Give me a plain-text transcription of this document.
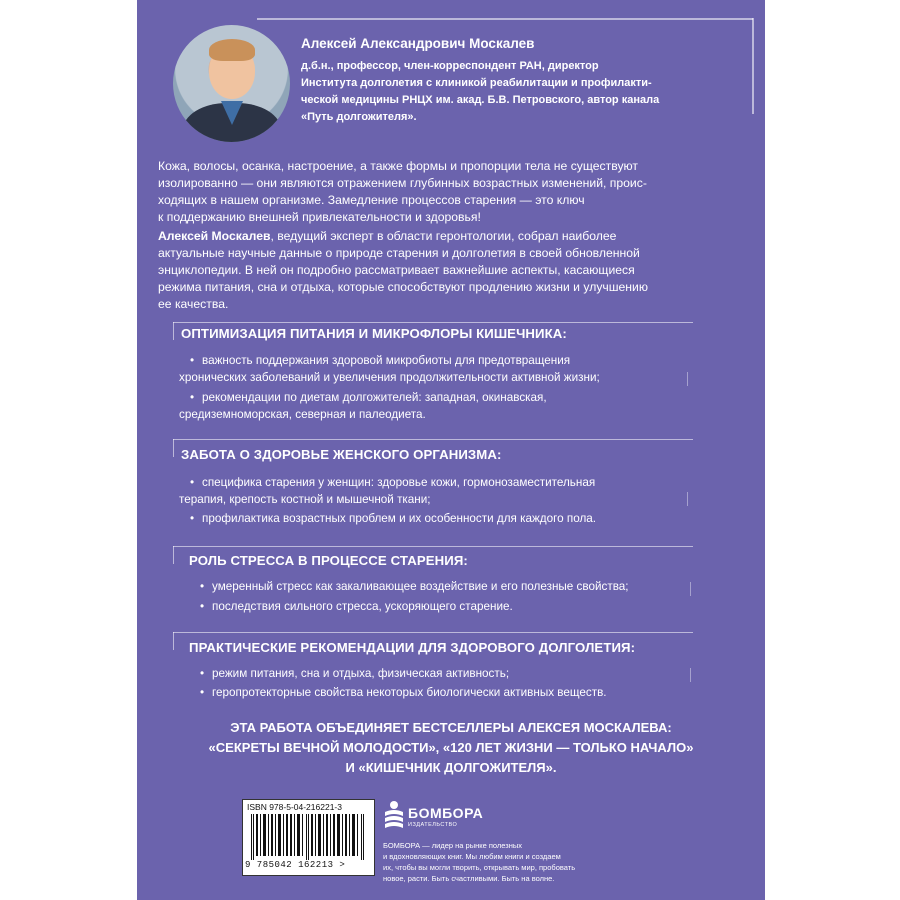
Алексей Александрович Москалев
д.б.н., профессор, член-корреспондент РАН, директор
Института долголетия с клиникой реабилитации и профилакти-
ческой медицины РНЦХ им. акад. Б.В. Петровского, автор канала
«Путь долгожителя».
Кожа, волосы, осанка, настроение, а также формы и пропорции тела не существуют
изолированно — они являются отражением глубинных возрастных изменений, проис-
ходящих в нашем организме. Замедление процессов старения — это ключ
к поддержанию внешней привлекательности и здоровья!
Алексей Москалев, ведущий эксперт в области геронтологии, собрал наиболее
актуальные научные данные о природе старения и долголетия в своей обновленной
энциклопедии. В ней он подробно рассматривает важнейшие аспекты, касающиеся
режима питания, сна и отдыха, которые способствуют продлению жизни и улучшению
ее качества.
ОПТИМИЗАЦИЯ ПИТАНИЯ И МИКРОФЛОРЫ КИШЕЧНИКА:
• важность поддержания здоровой микробиоты для предотвращения
хронических заболеваний и увеличения продолжительности активной жизни;
• рекомендации по диетам долгожителей: западная, окинавская,
средиземноморская, северная и палеодиета.
ЗАБОТА О ЗДОРОВЬЕ ЖЕНСКОГО ОРГАНИЗМА:
• специфика старения у женщин: здоровье кожи, гормонозаместительная
терапия, крепость костной и мышечной ткани;
• профилактика возрастных проблем и их особенности для каждого пола.
РОЛЬ СТРЕССА В ПРОЦЕССЕ СТАРЕНИЯ:
• умеренный стресс как закаливающее воздействие и его полезные свойства;
• последствия сильного стресса, ускоряющего старение.
ПРАКТИЧЕСКИЕ РЕКОМЕНДАЦИИ ДЛЯ ЗДОРОВОГО ДОЛГОЛЕТИЯ:
• режим питания, сна и отдыха, физическая активность;
• геропротекторные свойства некоторых биологически активных веществ.
ЭТА РАБОТА ОБЪЕДИНЯЕТ БЕСТСЕЛЛЕРЫ АЛЕКСЕЯ МОСКАЛЕВА:
«СЕКРЕТЫ ВЕЧНОЙ МОЛОДОСТИ», «120 ЛЕТ ЖИЗНИ — ТОЛЬКО НАЧАЛО»
И «КИШЕЧНИК ДОЛГОЖИТЕЛЯ».
ISBN 978-5-04-216221-3
9 785042 162213 >
БОМБОРА
ИЗДАТЕЛЬСТВО
БОМБОРА — лидер на рынке полезных
и вдохновляющих книг. Мы любим книги и создаем
их, чтобы вы могли творить, открывать мир, пробовать
новое, расти. Быть счастливыми. Быть на волне.
